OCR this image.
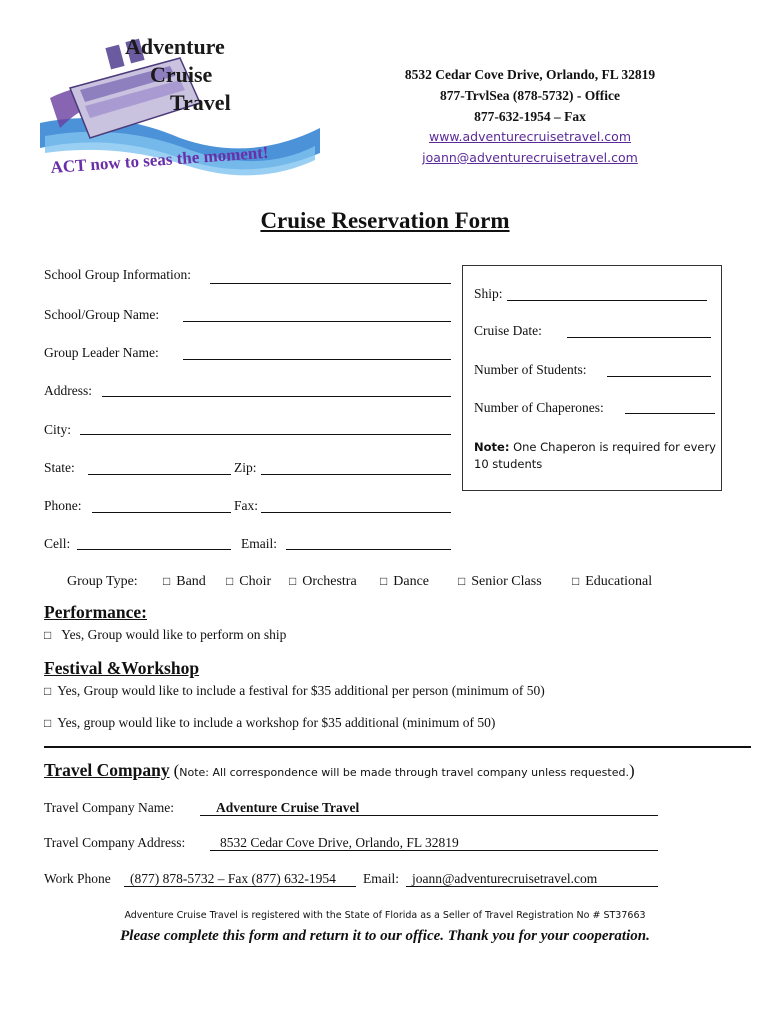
Adventure
Cruise
Travel
ACT now to seas the moment!
8532 Cedar Cove Drive, Orlando, FL 32819
877-TrvlSea (878-5732) - Office
877-632-1954 – Fax
www.adventurecruisetravel.com
joann@adventurecruisetravel.com
Cruise Reservation Form
School Group Information:
School/Group Name:
Group Leader Name:
Address:
City:
State:	Zip:
Phone:	Fax:
Cell:	Email:
Ship:
Cruise Date:
Number of Students:
Number of Chaperones:
Note: One Chaperon is required for every 10 students
Group Type: □ Band □ Choir □ Orchestra □ Dance □ Senior Class	□ Educational
Performance:
□ Yes, Group would like to perform on ship
Festival &Workshop
□ Yes, Group would like to include a festival for $35 additional per person (minimum of 50)
□ Yes, group would like to include a workshop for $35 additional (minimum of 50)
Travel Company (Note: All correspondence will be made through travel company unless requested.)
Travel Company Name:	Adventure Cruise Travel
Travel Company Address:	8532 Cedar Cove Drive, Orlando, FL 32819
Work Phone (877) 878-5732 – Fax (877) 632-1954 Email: joann@adventurecruisetravel.com
Adventure Cruise Travel is registered with the State of Florida as a Seller of Travel Registration No # ST37663
Please complete this form and return it to our office. Thank you for your cooperation.
